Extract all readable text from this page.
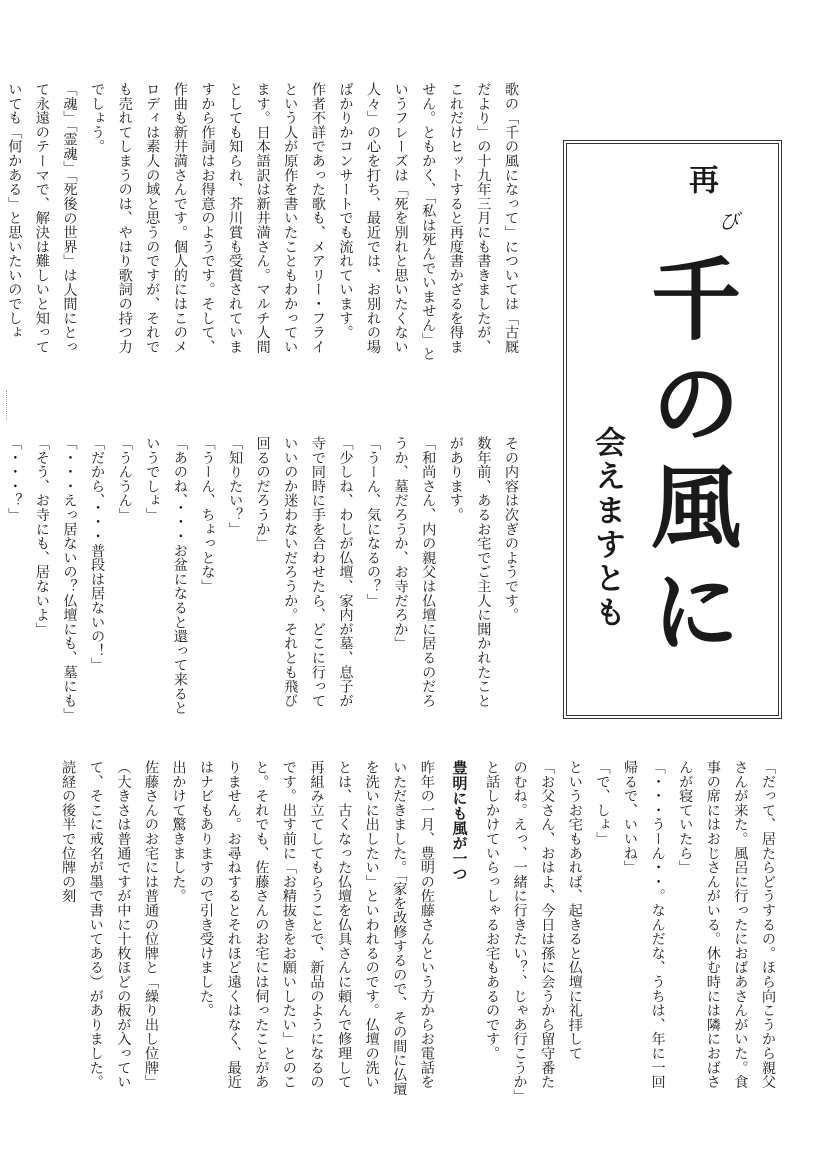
歌の「千の風になって」については「古厩だより」の十九年三月にも書きましたが、これだけヒットすると再度書かざるを得ません。ともかく、「私は死んでいません」というフレーズは「死を別れと思いたくない人々」の心を打ち、最近では、お別れの場ばかりかコンサートでも流れています。

作者不詳であった歌も、メアリー・フライという人が原作を書いたこともわかっています。日本語訳は新井満さん。マルチ人間としても知られ、芥川賞も受賞されていますから作詞はお得意のようです。そして、作曲も新井満さんです。個人的にはこのメロディは素人の域と思うのですが、それでも売れてしまうのは、やはり歌詞の持つ力でしょう。

「魂」「霊魂」「死後の世界」は人間にとって永遠のテーマで、解決は難しいと知っていても「何かある」と思いたいのでしょ

再
び
千の風に
会えますとも

その内容は次ぎのようです。

数年前、あるお宅でご主人に聞かれたことがあります。

「和尚さん、内の親父は仏壇に居るのだろうか、墓だろうか、お寺だろか」

「うーん、気になるの？」

「少しね、わしが仏壇、家内が墓、息子が寺で同時に手を合わせたら、どこに行っていいのか迷わないだろうか。それとも飛び回るのだろうか」

「知りたい？」

「うーん、ちょっとな」

「あのね、・・・お盆になると還って来るというでしょ」

「うんうん」

「だから、・・・普段は居ないの！」

「・・・えっ居ないの？仏壇にも、墓にも」

「そう、お寺にも、居ないよ」

「・・・？」

「だって、居たらどうするの。ほら向こうから親父さんが来た。風呂に行ったにおばあさんがいた。食事の席にはおじさんがいる。休む時には隣におばさんが寝ていたら」

「・・・うーん・・。なんだな、うちは、年に一回帰るで、いいね」

「で、しょ」

というお宅もあれば、起きると仏壇に礼拝して

「お父さん、おはよ、今日は孫に会うから留守番たのむね。えっ、一緒に行きたい？、じゃあ行こうか」

と話しかけていらっしゃるお宅もあるのです。

豊明にも風が一つ

昨年の一月、豊明の佐藤さんという方からお電話をいただきました。「家を改修するので、その間に仏壇を洗いに出したい」といわれるのです。仏壇の洗いとは、古くなった仏壇を仏具さんに頼んで修理して再組み立てしてもらうことで、新品のようになるのです。出す前に「お精抜きをお願いしたい」とのこと。それでも、佐藤さんのお宅には伺ったことがありません。お尋ねするとそれほど遠くはなく、最近はナビもありますので引き受けました。

出かけて驚きました。

佐藤さんのお宅には普通の位牌と「繰り出し位牌」（大きさは普通ですが中に十枚ほどの板が入っていて、そこに戒名が墨で書いてある）がありました。読経の後半で位牌の刻
